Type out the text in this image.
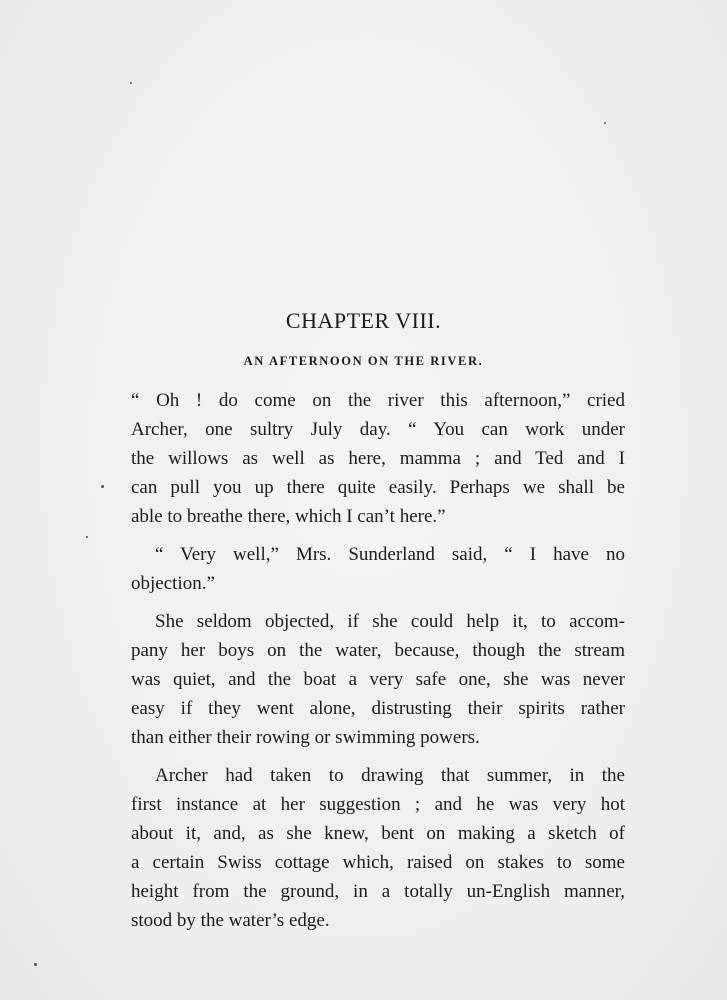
CHAPTER VIII.
AN AFTERNOON ON THE RIVER.
“ Oh ! do come on the river this afternoon,” cried
Archer, one sultry July day. “ You can work under
the willows as well as here, mamma ; and Ted and I
can pull you up there quite easily. Perhaps we shall be
able to breathe there, which I can’t here.”
“ Very well,” Mrs. Sunderland said, “ I have no
objection.”
She seldom objected, if she could help it, to accom-
pany her boys on the water, because, though the stream
was quiet, and the boat a very safe one, she was never
easy if they went alone, distrusting their spirits rather
than either their rowing or swimming powers.
Archer had taken to drawing that summer, in the
first instance at her suggestion ; and he was very hot
about it, and, as she knew, bent on making a sketch of
a certain Swiss cottage which, raised on stakes to some
height from the ground, in a totally un-English manner,
stood by the water’s edge.
